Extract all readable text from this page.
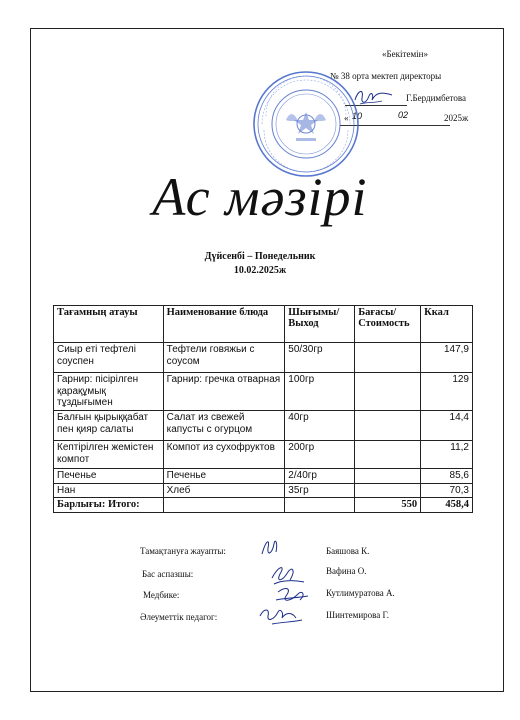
«Бекітемін»
№ 38 орта мектеп директоры
Г.Бердимбетова
« 10	02	2025ж
Ас мәзірі
Дүйсенбі – Понедельник
10.02.2025ж
Тағамның атауы	Наименование блюда	Шығымы/ Выход	Бағасы/ Стоимость	Ккал
Сиыр еті тефтелі соуспен	Тефтели говяжьи с соусом	50/30гр		147,9
Гарнир: пісірілген қарақұмық тұздығымен	Гарнир: гречка отварная	100гр		129
Балғын қырыққабат пен қияр салаты	Салат из свежей капусты с огурцом	40гр		14,4
Кептірілген жемістен компот	Компот из сухофруктов	200гр		11,2
Печенье	Печенье	2/40гр		85,6
Нан	Хлеб	35гр		70,3
Барлығы: Итого:			550	458,4
Тамақтануға жауапты:	Баяшова К.
Бас аспазшы:	Вафина О.
Медбике:	Кутлимуратова А.
Әлеуметтік педагог:	Шинтемирова Г.
